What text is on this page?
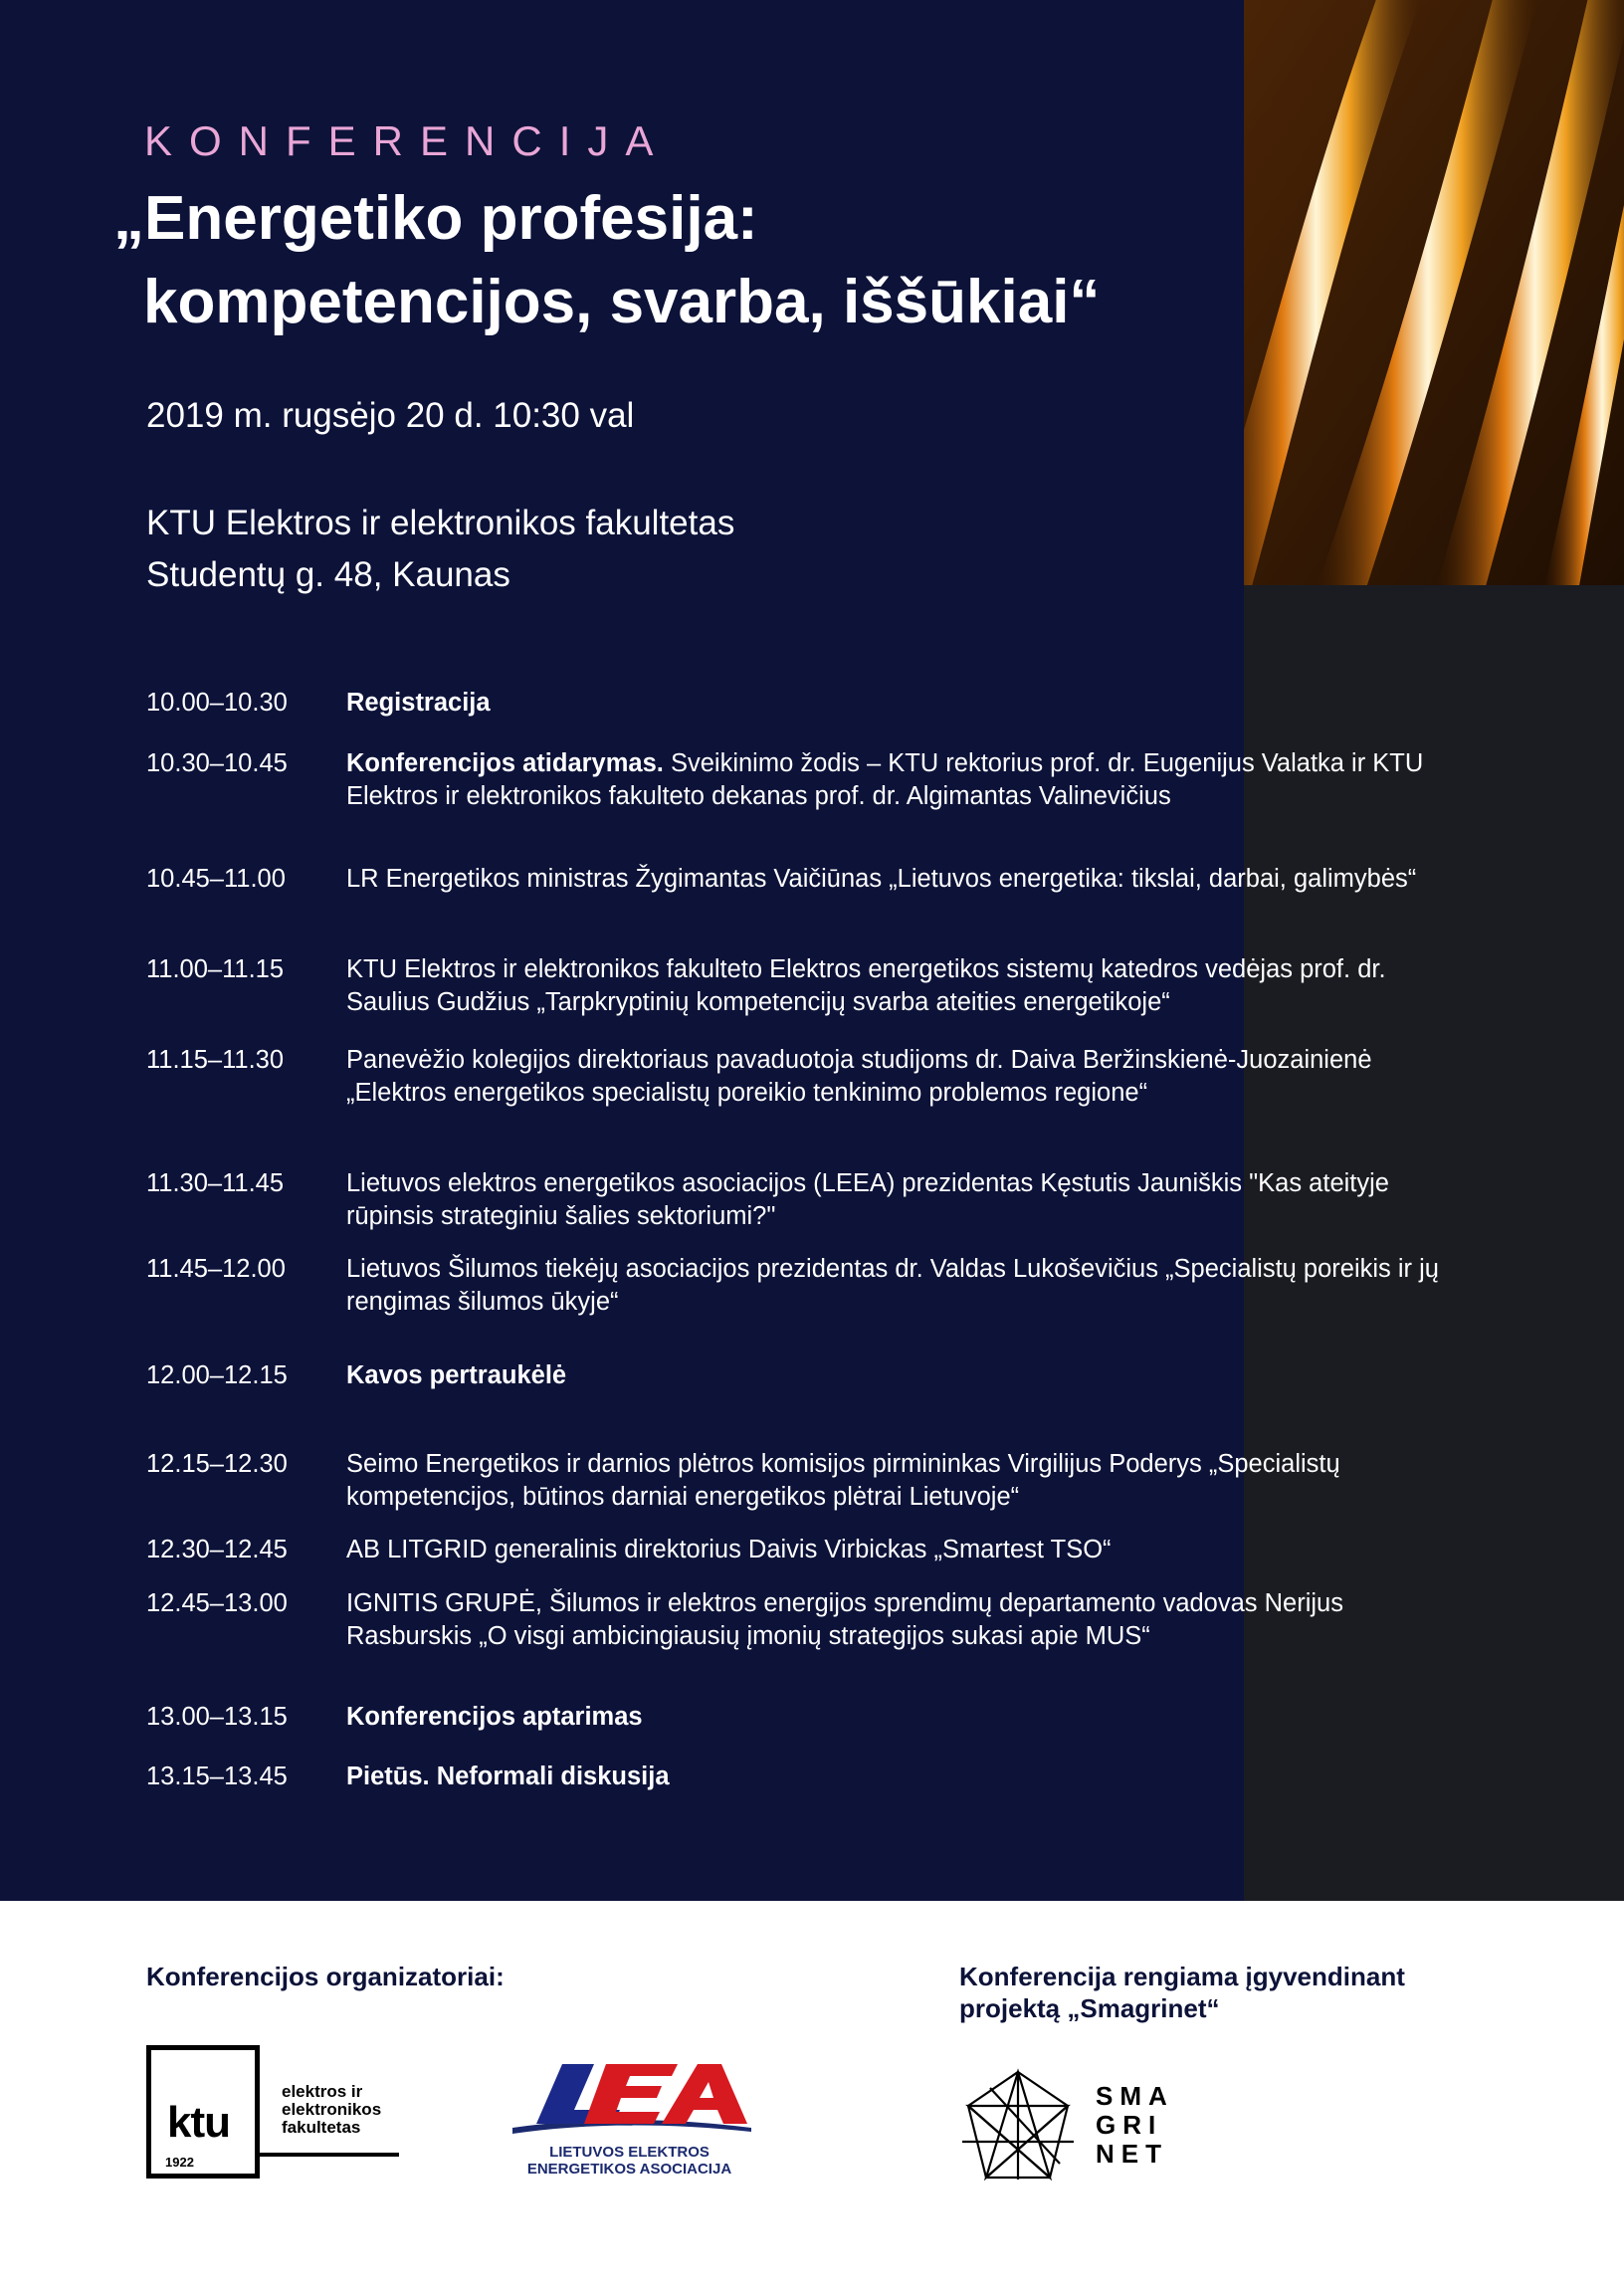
KONFERENCIJA
„Energetiko profesija:
kompetencijos, svarba, iššūkiai“
2019 m. rugsėjo 20 d. 10:30 val
KTU Elektros ir elektronikos fakultetas
Studentų g. 48, Kaunas
10.00–10.30	Registracija
10.30–10.45	Konferencijos atidarymas. Sveikinimo žodis – KTU rektorius prof. dr. Eugenijus Valatka ir KTU Elektros ir elektronikos fakulteto dekanas prof. dr. Algimantas Valinevičius
10.45–11.00	LR Energetikos ministras Žygimantas Vaičiūnas „Lietuvos energetika: tikslai, darbai, galimybės“
11.00–11.15	KTU Elektros ir elektronikos fakulteto Elektros energetikos sistemų katedros vedėjas prof. dr. Saulius Gudžius „Tarpkryptinių kompetencijų svarba ateities energetikoje“
11.15–11.30	Panevėžio kolegijos direktoriaus pavaduotoja studijoms dr. Daiva Beržinskienė-Juozainienė „Elektros energetikos specialistų poreikio tenkinimo problemos regione“
11.30–11.45	Lietuvos elektros energetikos asociacijos (LEEA) prezidentas Kęstutis Jauniškis "Kas ateityje rūpinsis strateginiu šalies sektoriumi?"
11.45–12.00	Lietuvos Šilumos tiekėjų asociacijos prezidentas dr. Valdas Lukoševičius „Specialistų poreikis ir jų rengimas šilumos ūkyje“
12.00–12.15	Kavos pertraukėlė
12.15–12.30	Seimo Energetikos ir darnios plėtros komisijos pirmininkas Virgilijus Poderys „Specialistų kompetencijos, būtinos darniai energetikos plėtrai Lietuvoje“
12.30–12.45	AB LITGRID generalinis direktorius Daivis Virbickas „Smartest TSO“
12.45–13.00	IGNITIS GRUPĖ, Šilumos ir elektros energijos sprendimų departamento vadovas Nerijus Rasburskis „O visgi ambicingiausių įmonių strategijos sukasi apie MUS“
13.00–13.15	Konferencijos aptarimas
13.15–13.45	Pietūs. Neformali diskusija
Konferencijos organizatoriai:	Konferencija rengiama įgyvendinant projektą „Smagrinet“
ktu
1922
elektros ir elektronikos fakultetas
LIETUVOS ELEKTROS ENERGETIKOS ASOCIACIJA
SMA GRI NET
